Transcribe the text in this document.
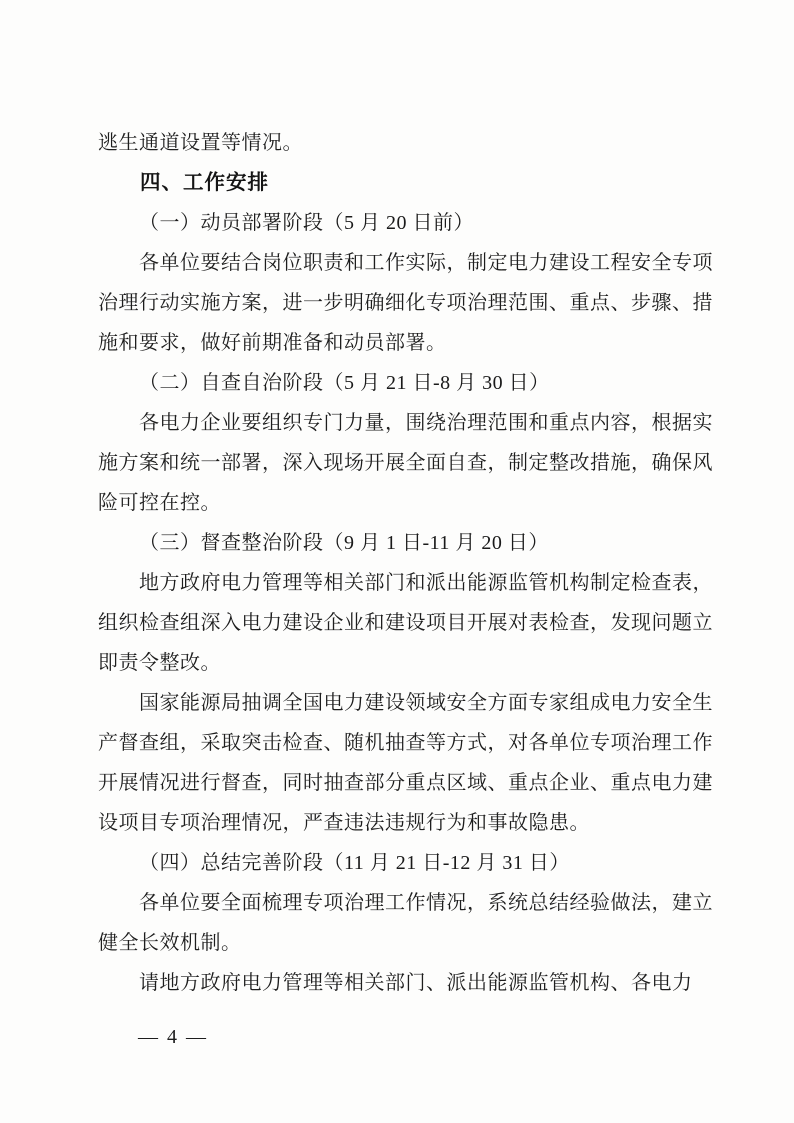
逃生通道设置等情况。

四、工作安排

（一）动员部署阶段（5 月 20 日前）

各单位要结合岗位职责和工作实际，制定电力建设工程安全专项治理行动实施方案，进一步明确细化专项治理范围、重点、步骤、措施和要求，做好前期准备和动员部署。

（二）自查自治阶段（5 月 21 日-8 月 30 日）

各电力企业要组织专门力量，围绕治理范围和重点内容，根据实施方案和统一部署，深入现场开展全面自查，制定整改措施，确保风险可控在控。

（三）督查整治阶段（9 月 1 日-11 月 20 日）

地方政府电力管理等相关部门和派出能源监管机构制定检查表，组织检查组深入电力建设企业和建设项目开展对表检查，发现问题立即责令整改。

国家能源局抽调全国电力建设领域安全方面专家组成电力安全生产督查组，采取突击检查、随机抽查等方式，对各单位专项治理工作开展情况进行督查，同时抽查部分重点区域、重点企业、重点电力建设项目专项治理情况，严查违法违规行为和事故隐患。

（四）总结完善阶段（11 月 21 日-12 月 31 日）

各单位要全面梳理专项治理工作情况，系统总结经验做法，建立健全长效机制。

请地方政府电力管理等相关部门、派出能源监管机构、各电力

— 4 —
